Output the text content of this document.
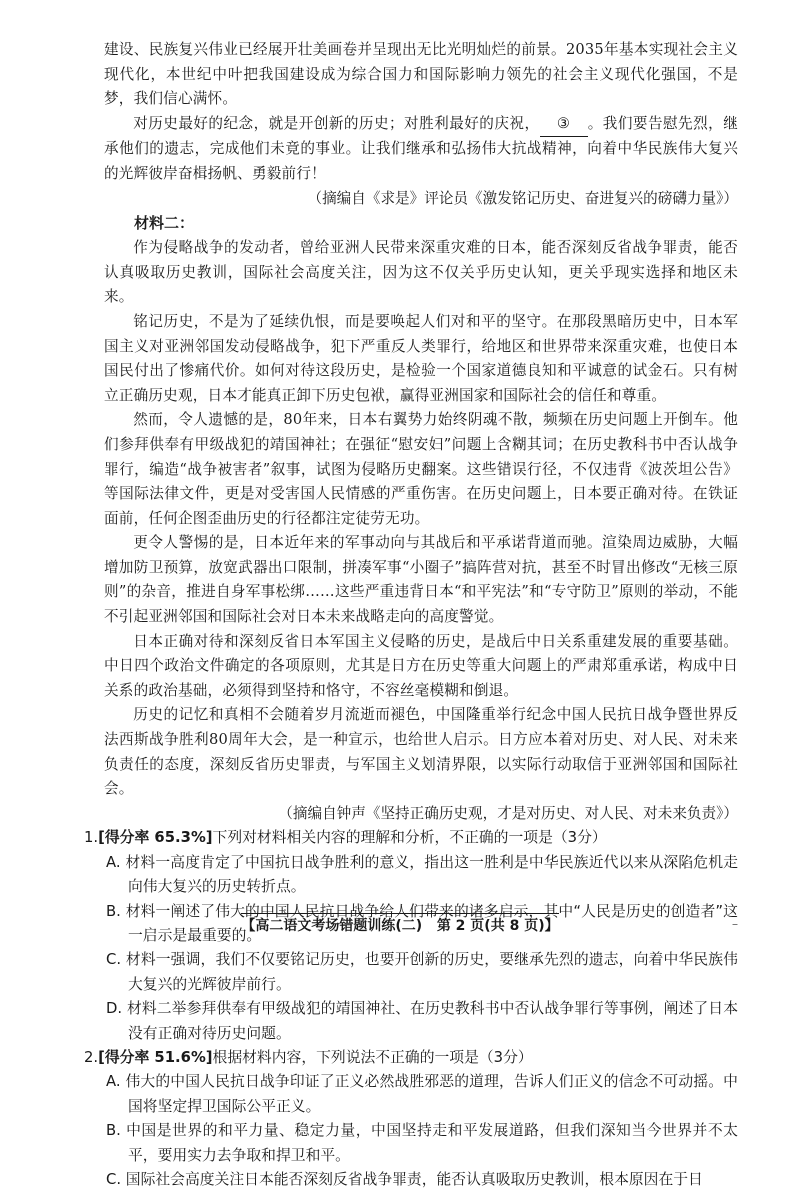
建设、民族复兴伟业已经展开壮美画卷并呈现出无比光明灿烂的前景。2035年基本实现社会主义现代化，本世纪中叶把我国建设成为综合国力和国际影响力领先的社会主义现代化强国，不是梦，我们信心满怀。

对历史最好的纪念，就是开创新的历史；对胜利最好的庆祝， ③ 。我们要告慰先烈，继承他们的遗志，完成他们未竟的事业。让我们继承和弘扬伟大抗战精神，向着中华民族伟大复兴的光辉彼岸奋楫扬帆、勇毅前行！

（摘编自《求是》评论员《激发铭记历史、奋进复兴的磅礴力量》）

材料二：

作为侵略战争的发动者，曾给亚洲人民带来深重灾难的日本，能否深刻反省战争罪责，能否认真吸取历史教训，国际社会高度关注，因为这不仅关乎历史认知，更关乎现实选择和地区未来。

铭记历史，不是为了延续仇恨，而是要唤起人们对和平的坚守。在那段黑暗历史中，日本军国主义对亚洲邻国发动侵略战争，犯下严重反人类罪行，给地区和世界带来深重灾难，也使日本国民付出了惨痛代价。如何对待这段历史，是检验一个国家道德良知和平诚意的试金石。只有树立正确历史观，日本才能真正卸下历史包袱，赢得亚洲国家和国际社会的信任和尊重。

然而，令人遗憾的是，80年来，日本右翼势力始终阴魂不散，频频在历史问题上开倒车。他们参拜供奉有甲级战犯的靖国神社；在强征“慰安妇”问题上含糊其词；在历史教科书中否认战争罪行，编造“战争被害者”叙事，试图为侵略历史翻案。这些错误行径，不仅违背《波茨坦公告》等国际法律文件，更是对受害国人民情感的严重伤害。在历史问题上，日本要正确对待。在铁证面前，任何企图歪曲历史的行径都注定徒劳无功。

更令人警惕的是，日本近年来的军事动向与其战后和平承诺背道而驰。渲染周边威胁，大幅增加防卫预算，放宽武器出口限制，拼凑军事“小圈子”搞阵营对抗，甚至不时冒出修改“无核三原则”的杂音，推进自身军事松绑……这些严重违背日本“和平宪法”和“专守防卫”原则的举动，不能不引起亚洲邻国和国际社会对日本未来战略走向的高度警觉。

日本正确对待和深刻反省日本军国主义侵略的历史，是战后中日关系重建发展的重要基础。中日四个政治文件确定的各项原则，尤其是日方在历史等重大问题上的严肃郑重承诺，构成中日关系的政治基础，必须得到坚持和恪守，不容丝毫模糊和倒退。

历史的记忆和真相不会随着岁月流逝而褪色，中国隆重举行纪念中国人民抗日战争暨世界反法西斯战争胜利80周年大会，是一种宣示，也给世人启示。日方应本着对历史、对人民、对未来负责任的态度，深刻反省历史罪责，与军国主义划清界限，以实际行动取信于亚洲邻国和国际社会。

（摘编自钟声《坚持正确历史观，才是对历史、对人民、对未来负责》）

1.[得分率 65.3%]下列对材料相关内容的理解和分析，不正确的一项是（3分）

A. 材料一高度肯定了中国抗日战争胜利的意义，指出这一胜利是中华民族近代以来从深陷危机走向伟大复兴的历史转折点。

B. 材料一阐述了伟大的中国人民抗日战争给人们带来的诸多启示，其中“人民是历史的创造者”这一启示是最重要的。

C. 材料一强调，我们不仅要铭记历史，也要开创新的历史，要继承先烈的遗志，向着中华民族伟大复兴的光辉彼岸前行。

D. 材料二举参拜供奉有甲级战犯的靖国神社、在历史教科书中否认战争罪行等事例，阐述了日本没有正确对待历史问题。

2.[得分率 51.6%]根据材料内容，下列说法不正确的一项是（3分）

A. 伟大的中国人民抗日战争印证了正义必然战胜邪恶的道理，告诉人们正义的信念不可动摇。中国将坚定捍卫国际公平正义。

B. 中国是世界的和平力量、稳定力量，中国坚持走和平发展道路，但我们深知当今世界并不太平，要用实力去争取和捍卫和平。

C. 国际社会高度关注日本能否深刻反省战争罪责，能否认真吸取历史教训，根本原因在于日

【高二语文考场错题训练(二) 第 2 页(共 8 页)】	–
